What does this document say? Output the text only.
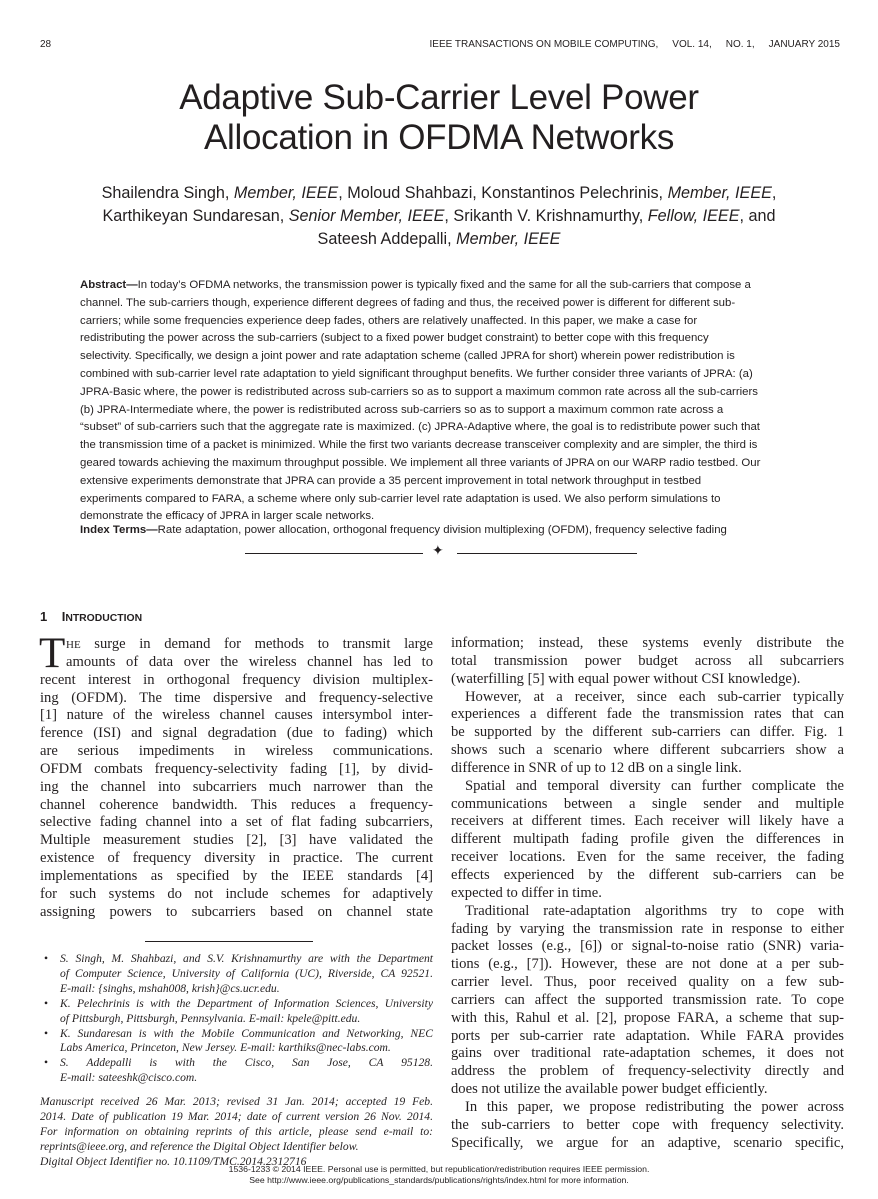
28	IEEE TRANSACTIONS ON MOBILE COMPUTING, VOL. 14, NO. 1, JANUARY 2015
Adaptive Sub-Carrier Level Power
Allocation in OFDMA Networks
Shailendra Singh, Member, IEEE, Moloud Shahbazi, Konstantinos Pelechrinis, Member, IEEE,
Karthikeyan Sundaresan, Senior Member, IEEE, Srikanth V. Krishnamurthy, Fellow, IEEE, and
Sateesh Addepalli, Member, IEEE
Abstract—In today’s OFDMA networks, the transmission power is typically fixed and the same for all the sub-carriers that compose a
channel. The sub-carriers though, experience different degrees of fading and thus, the received power is different for different sub-
carriers; while some frequencies experience deep fades, others are relatively unaffected. In this paper, we make a case for
redistributing the power across the sub-carriers (subject to a fixed power budget constraint) to better cope with this frequency
selectivity. Specifically, we design a joint power and rate adaptation scheme (called JPRA for short) wherein power redistribution is
combined with sub-carrier level rate adaptation to yield significant throughput benefits. We further consider three variants of JPRA: (a)
JPRA-Basic where, the power is redistributed across sub-carriers so as to support a maximum common rate across all the sub-carriers
(b) JPRA-Intermediate where, the power is redistributed across sub-carriers so as to support a maximum common rate across a
“subset” of sub-carriers such that the aggregate rate is maximized. (c) JPRA-Adaptive where, the goal is to redistribute power such that
the transmission time of a packet is minimized. While the first two variants decrease transceiver complexity and are simpler, the third is
geared towards achieving the maximum throughput possible. We implement all three variants of JPRA on our WARP radio testbed. Our
extensive experiments demonstrate that JPRA can provide a 35 percent improvement in total network throughput in testbed
experiments compared to FARA, a scheme where only sub-carrier level rate adaptation is used. We also perform simulations to
demonstrate the efficacy of JPRA in larger scale networks.
Index Terms—Rate adaptation, power allocation, orthogonal frequency division multiplexing (OFDM), frequency selective fading
✦
1 INTRODUCTION
T HE surge in demand for methods to transmit large
amounts of data over the wireless channel has led to
recent interest in orthogonal frequency division multiplex-
ing (OFDM). The time dispersive and frequency-selective
[1] nature of the wireless channel causes intersymbol inter-
ference (ISI) and signal degradation (due to fading) which
are serious impediments in wireless communications.
OFDM combats frequency-selectivity fading [1], by divid-
ing the channel into subcarriers much narrower than the
channel coherence bandwidth. This reduces a frequency-
selective fading channel into a set of flat fading subcarriers,
Multiple measurement studies [2], [3] have validated the
existence of frequency diversity in practice. The current
implementations as specified by the IEEE standards [4]
for such systems do not include schemes for adaptively
assigning powers to subcarriers based on channel state
information; instead, these systems evenly distribute the
total transmission power budget across all subcarriers
(waterfilling [5] with equal power without CSI knowledge).
However, at a receiver, since each sub-carrier typically
experiences a different fade the transmission rates that can
be supported by the different sub-carriers can differ. Fig. 1
shows such a scenario where different subcarriers show a
difference in SNR of up to 12 dB on a single link.
Spatial and temporal diversity can further complicate the
communications between a single sender and multiple
receivers at different times. Each receiver will likely have a
different multipath fading profile given the differences in
receiver locations. Even for the same receiver, the fading
effects experienced by the different sub-carriers can be
expected to differ in time.
Traditional rate-adaptation algorithms try to cope with
fading by varying the transmission rate in response to either
packet losses (e.g., [6]) or signal-to-noise ratio (SNR) varia-
tions (e.g., [7]). However, these are not done at a per sub-
carrier level. Thus, poor received quality on a few sub-
carriers can affect the supported transmission rate. To cope
with this, Rahul et al. [2], propose FARA, a scheme that sup-
ports per sub-carrier rate adaptation. While FARA provides
gains over traditional rate-adaptation schemes, it does not
address the problem of frequency-selectivity directly and
does not utilize the available power budget efficiently.
In this paper, we propose redistributing the power across
the sub-carriers to better cope with frequency selectivity.
Specifically, we argue for an adaptive, scenario specific,
• S. Singh, M. Shahbazi, and S.V. Krishnamurthy are with the Department
of Computer Science, University of California (UC), Riverside, CA 92521.
E-mail: {singhs, mshah008, krish}@cs.ucr.edu.
• K. Pelechrinis is with the Department of Information Sciences, University
of Pittsburgh, Pittsburgh, Pennsylvania. E-mail: kpele@pitt.edu.
• K. Sundaresan is with the Mobile Communication and Networking, NEC
Labs America, Princeton, New Jersey. E-mail: karthiks@nec-labs.com.
• S. Addepalli is with the Cisco, San Jose, CA 95128.
E-mail: sateeshk@cisco.com.
Manuscript received 26 Mar. 2013; revised 31 Jan. 2014; accepted 19 Feb.
2014. Date of publication 19 Mar. 2014; date of current version 26 Nov. 2014.
For information on obtaining reprints of this article, please send e-mail to:
reprints@ieee.org, and reference the Digital Object Identifier below.
Digital Object Identifier no. 10.1109/TMC.2014.2312716
1536-1233 © 2014 IEEE. Personal use is permitted, but republication/redistribution requires IEEE permission.
See http://www.ieee.org/publications_standards/publications/rights/index.html for more information.
